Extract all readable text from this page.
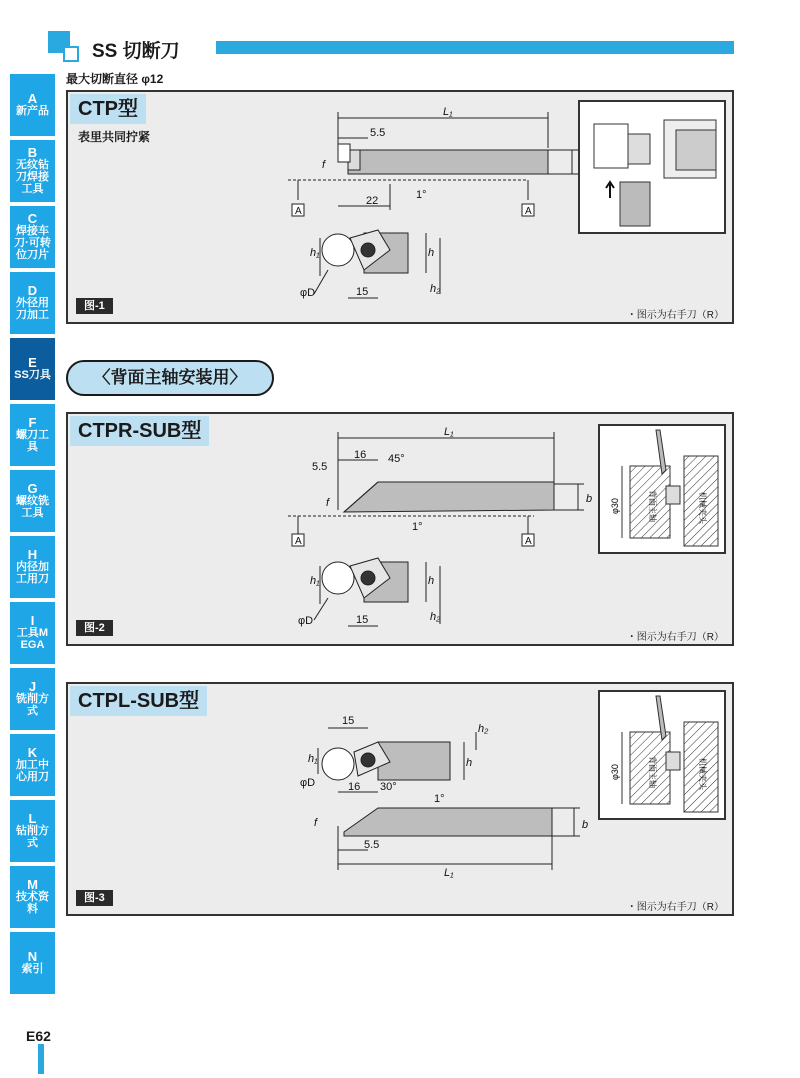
SS 切断刀
最大切断直径 φ12
A
新产品
B
无纹钻刀焊接工具
C
焊接车刀·可转位刀片
D
外径用刀加工
E
SS刀具
F
螺刀工具
G
螺纹铣工具
H
内径加工用刀
I
工具MEGA
J
铣削方式
K
加工中心用刀
L
钻削方式
M
技术资料
N
索引
E62
CTP型
表里共同拧紧
L₁
5.5
22
f
1°
h₁	h
h₂
15
φD
A	A
图-1
・图示为右手刀（R）
〈背面主轴安装用〉
CTPR-SUB型	L₁
5.5
16 45°
b
f
1°
h₁	h
h₂
15
φD
A	A
φ30	背面主轴	机械夹头
图-2
・图示为右手刀（R）
CTPL-SUB型
15
h₂
h
h₁
φD	16 30°
1°
f	b
5.5
L₁
φ30	背面主轴	机械夹头
图-3
・图示为右手刀（R）
